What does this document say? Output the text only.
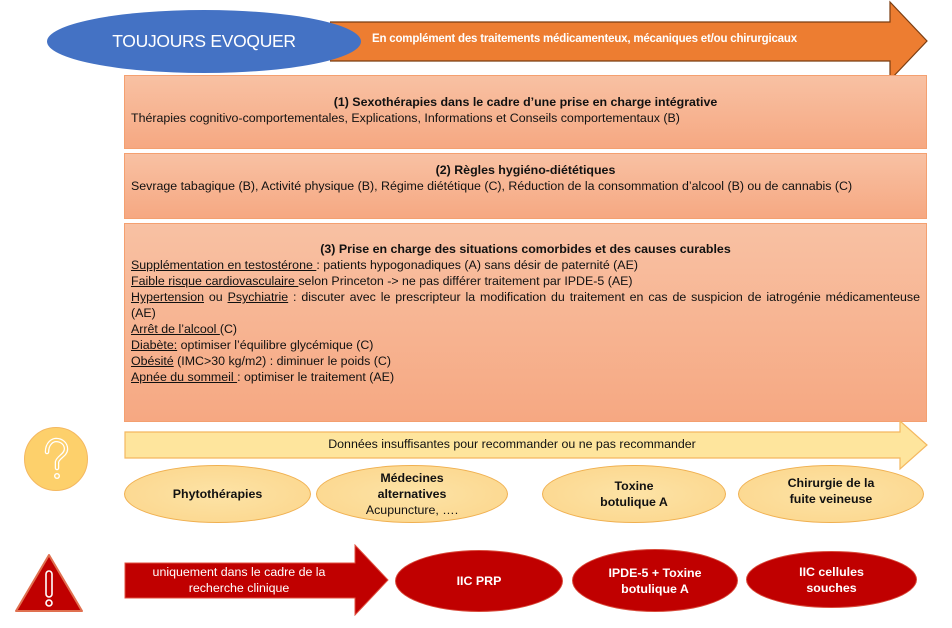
En complément des traitements médicamenteux, mécaniques et/ou chirurgicaux
TOUJOURS EVOQUER
(1) Sexothérapies dans le cadre d’une prise en charge intégrative

Thérapies cognitivo-comportementales, Explications, Informations et Conseils comportementaux (B)

(2) Règles hygiéno-diététiques

Sevrage tabagique (B), Activité physique (B), Régime diététique (C), Réduction de la consommation d’alcool (B) ou de cannabis (C)

(3) Prise en charge des situations comorbides et des causes curables

Supplémentation en testostérone : patients hypogonadiques (A) sans désir de paternité (AE)

Faible risque cardiovasculaire selon Princeton -> ne pas différer traitement par IPDE-5 (AE)

Hypertension ou Psychiatrie : discuter avec le prescripteur la modification du traitement en cas de suspicion de iatrogénie médicamenteuse (AE)

Arrêt de l’alcool (C)

Diabète: optimiser l’équilibre glycémique (C)

Obésité (IMC>30 kg/m2) : diminuer le poids (C)

Apnée du sommeil : optimiser le traitement (AE)

Données insuffisantes pour recommander ou ne pas recommander
Phytothérapies
Médecines alternatives
Acupuncture, ….
Toxine botulique A
Chirurgie de la fuite veineuse
uniquement dans le cadre de la recherche clinique	IIC PRP
IPDE-5 + Toxine botulique A
IIC cellules souches
